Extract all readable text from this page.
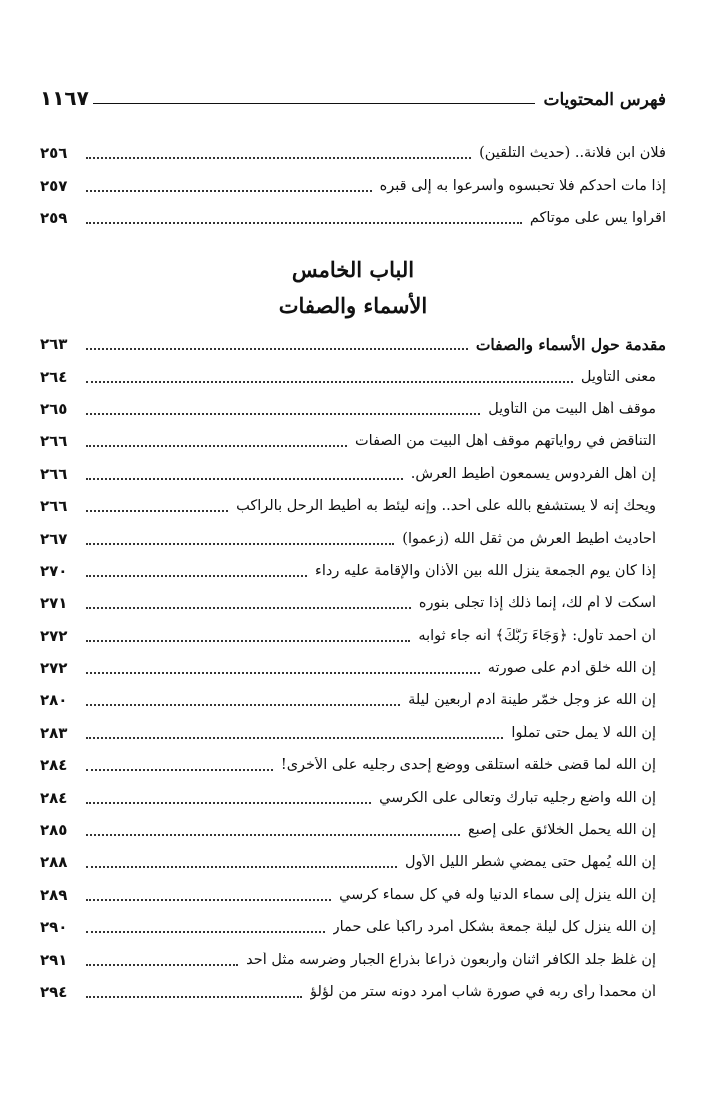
فهرس المحتويات
١١٦٧
فلان ابن فلانة.. (حديث التلقين)
٢٥٦
إذا مات أحدكم فلا تحبسوه وأسرعوا به إلى قبره
٢٥٧
اقرأوا يس على موتاكم
٢٥٩
الباب الخامس
الأسماء والصفات
مقدمة حول الأسماء والصفات
٢٦٣
معنى التأويل
٢٦٤
موقف أهل البيت من التأويل
٢٦٥
التناقض في رواياتهم موقف أهل البيت من الصفات
٢٦٦
إن أهل الفردوس يسمعون أطيط العرش.
٢٦٦
ويحك إنه لا يستشفع بالله على أحد.. وإنه ليئط به أطيط الرحل بالراكب
٢٦٦
أحاديث أطيط العرش من ثقل الله (زعموا)
٢٦٧
إذا كان يوم الجمعة ينزل الله بين الأذان والإقامة عليه رداء
٢٧٠
أسكت لا أم لك، إنما ذلك إذا تجلى بنوره
٢٧١
أن أحمد تأول: ﴿وَجَاءَ رَبُّكَ﴾ أنه جاء ثوابه
٢٧٢
إن الله خلق آدم على صورته
٢٧٢
إن الله عز وجل خمّر طينة آدم أربعين ليلة
٢٨٠
إن الله لا يمل حتى تملُّوا
٢٨٣
إن الله لما قضى خلقه استلقى ووضع إحدى رجليه على الأخرى!
٢٨٤
إن الله واضع رجليه تبارك وتعالى على الكرسي
٢٨٤
إن الله يحمل الخلائق على إصبع
٢٨٥
إن الله يُمهل حتى يمضي شطر الليل الأول
٢٨٨
إن الله ينزل إلى سماء الدنيا وله في كل سماء كرسي
٢٨٩
إن الله ينزل كل ليلة جمعة بشكل أمرد راكباً على حمار
٢٩٠
إن غلظ جلد الكافر اثنان وأربعون ذراعاً بذراع الجبار وضرسه مثل أُحد
٢٩١
أن محمداً رأى ربه في صورة شاب أمرد دونه ستر من لؤلؤ
٢٩٤
